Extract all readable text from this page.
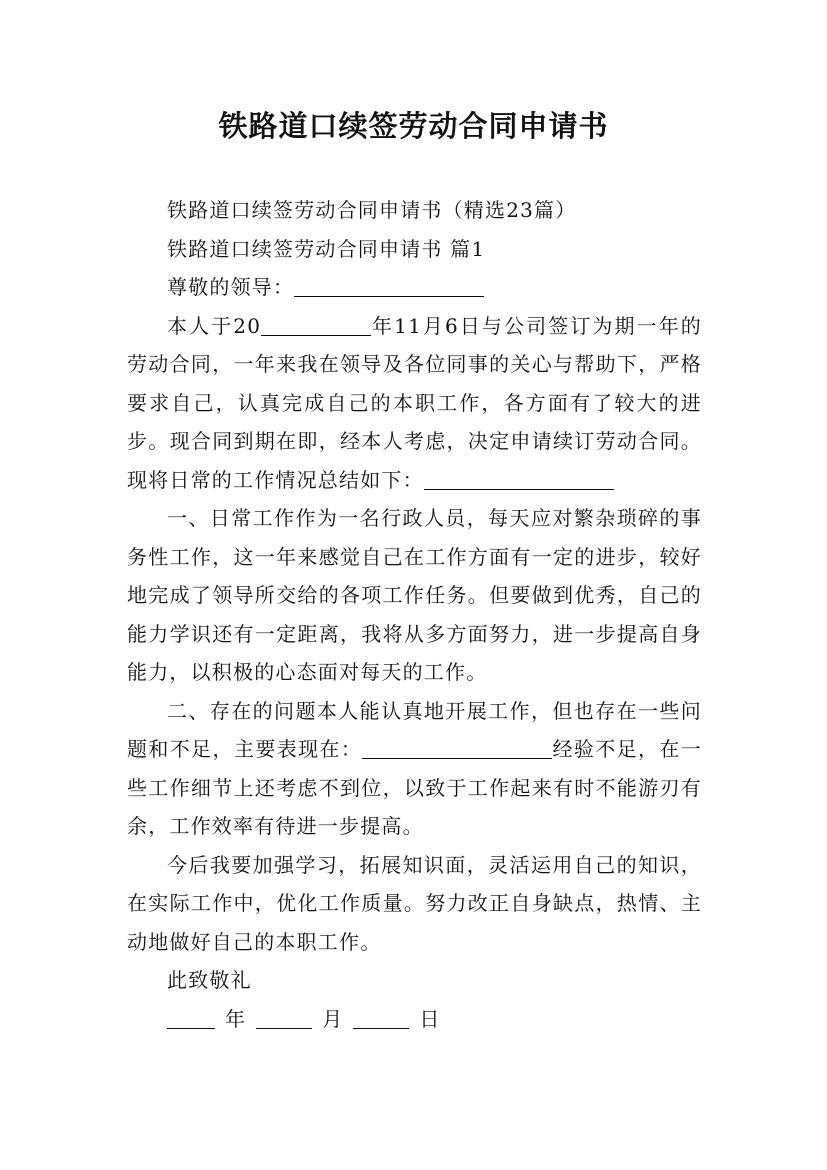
铁路道口续签劳动合同申请书

铁路道口续签劳动合同申请书（精选23篇）

铁路道口续签劳动合同申请书 篇1

尊敬的领导：

本人于20	年11月6日与公司签订为期一年的劳动合同，一年来我在领导及各位同事的关心与帮助下，严格要求自己，认真完成自己的本职工作，各方面有了较大的进步。现合同到期在即，经本人考虑，决定申请续订劳动合同。现将日常的工作情况总结如下：

一、日常工作作为一名行政人员，每天应对繁杂琐碎的事务性工作，这一年来感觉自己在工作方面有一定的进步，较好地完成了领导所交给的各项工作任务。但要做到优秀，自己的能力学识还有一定距离，我将从多方面努力，进一步提高自身能力，以积极的心态面对每天的工作。

二、存在的问题本人能认真地开展工作，但也存在一些问题和不足，主要表现在：	经验不足，在一些工作细节上还考虑不到位，以致于工作起来有时不能游刃有余，工作效率有待进一步提高。

今后我要加强学习，拓展知识面，灵活运用自己的知识，在实际工作中，优化工作质量。努力改正自身缺点，热情、主动地做好自己的本职工作。

此致敬礼

年	月	日
